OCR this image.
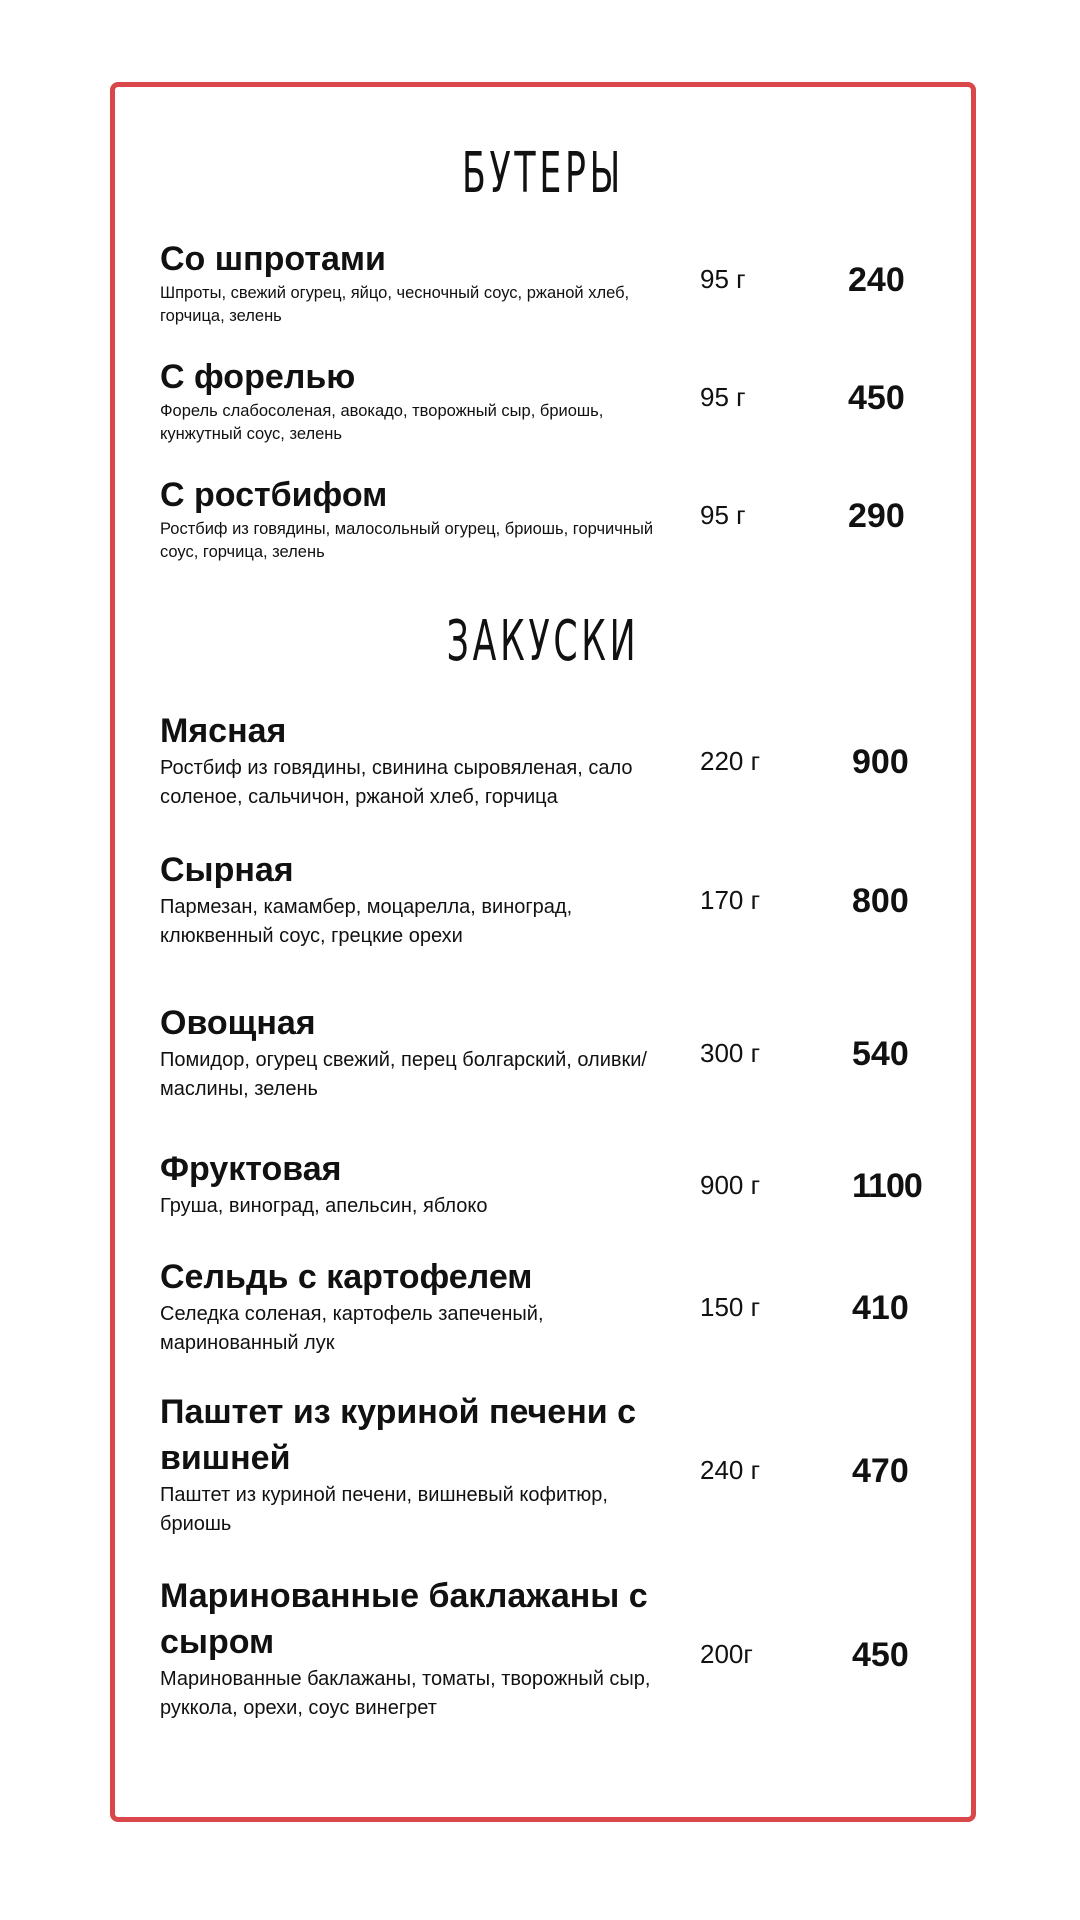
БУТЕРЫ
Со шпротами
Шпроты, свежий огурец, яйцо, чесночный соус, ржаной хлеб, горчица, зелень
95 г	240
С форелью
Форель слабосоленая, авокадо, творожный сыр, бриошь, кунжутный соус, зелень
95 г	450
С ростбифом
Ростбиф из говядины, малосольный огурец, бриошь, горчичный соус, горчица, зелень
95 г	290
ЗАКУСКИ
Мясная
Ростбиф из говядины, свинина сыровяленая, сало соленое, сальчичон, ржаной хлеб, горчица
220 г	900
Сырная
Пармезан, камамбер, моцарелла, виноград, клюквенный соус, грецкие орехи
170 г	800
Овощная
Помидор, огурец свежий, перец болгарский, оливки/маслины, зелень
300 г	540
Фруктовая
Груша, виноград, апельсин, яблоко
900 г	1100
Сельдь с картофелем
Селедка соленая, картофель запеченый, маринованный лук
150 г	410
Паштет из куриной печени с вишней
Паштет из куриной печени, вишневый кофитюр, бриошь
240 г	470
Маринованные баклажаны с сыром
Маринованные баклажаны, томаты, творожный сыр, руккола, орехи, соус винегрет
200г	450
